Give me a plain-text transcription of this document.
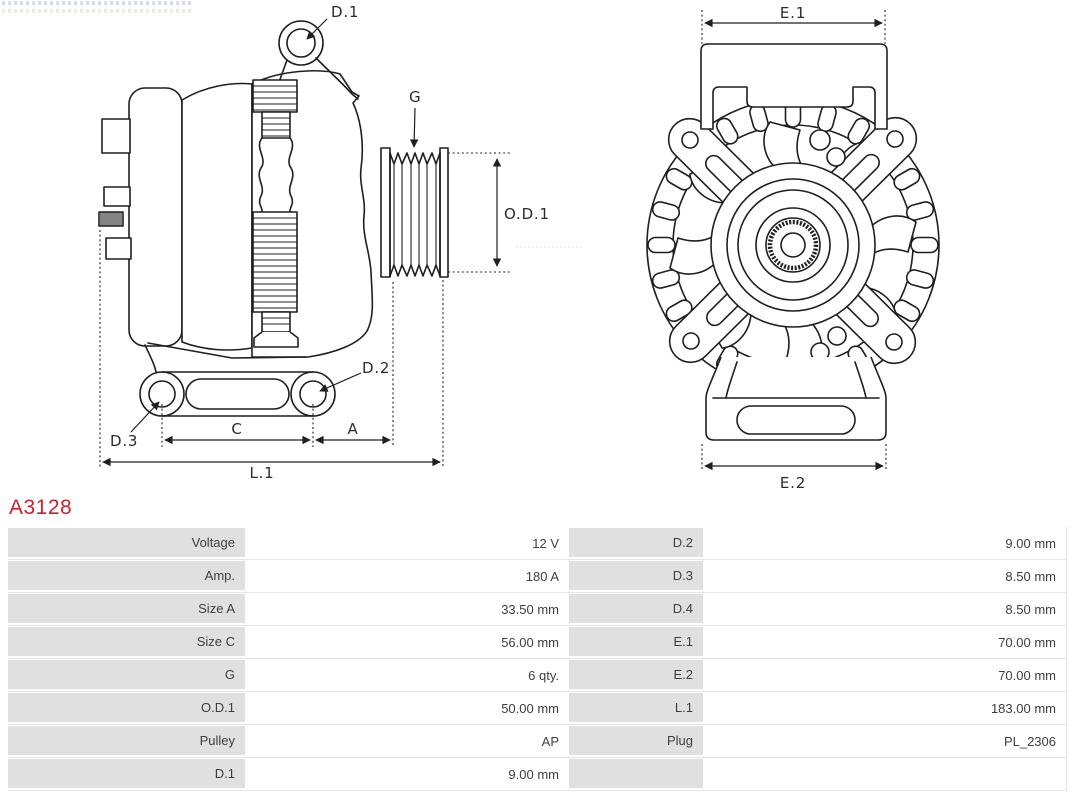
D.1
G
O.D.1
D.2
D.3
C	A
L.1
E.1
E.2
A3128
Voltage	12 V	D.2	9.00 mm
Amp.	180 A	D.3	8.50 mm
Size A	33.50 mm	D.4	8.50 mm
Size C	56.00 mm	E.1	70.00 mm
G	6 qty.	E.2	70.00 mm
O.D.1	50.00 mm	L.1	183.00 mm
Pulley	AP	Plug	PL_2306
D.1	9.00 mm
